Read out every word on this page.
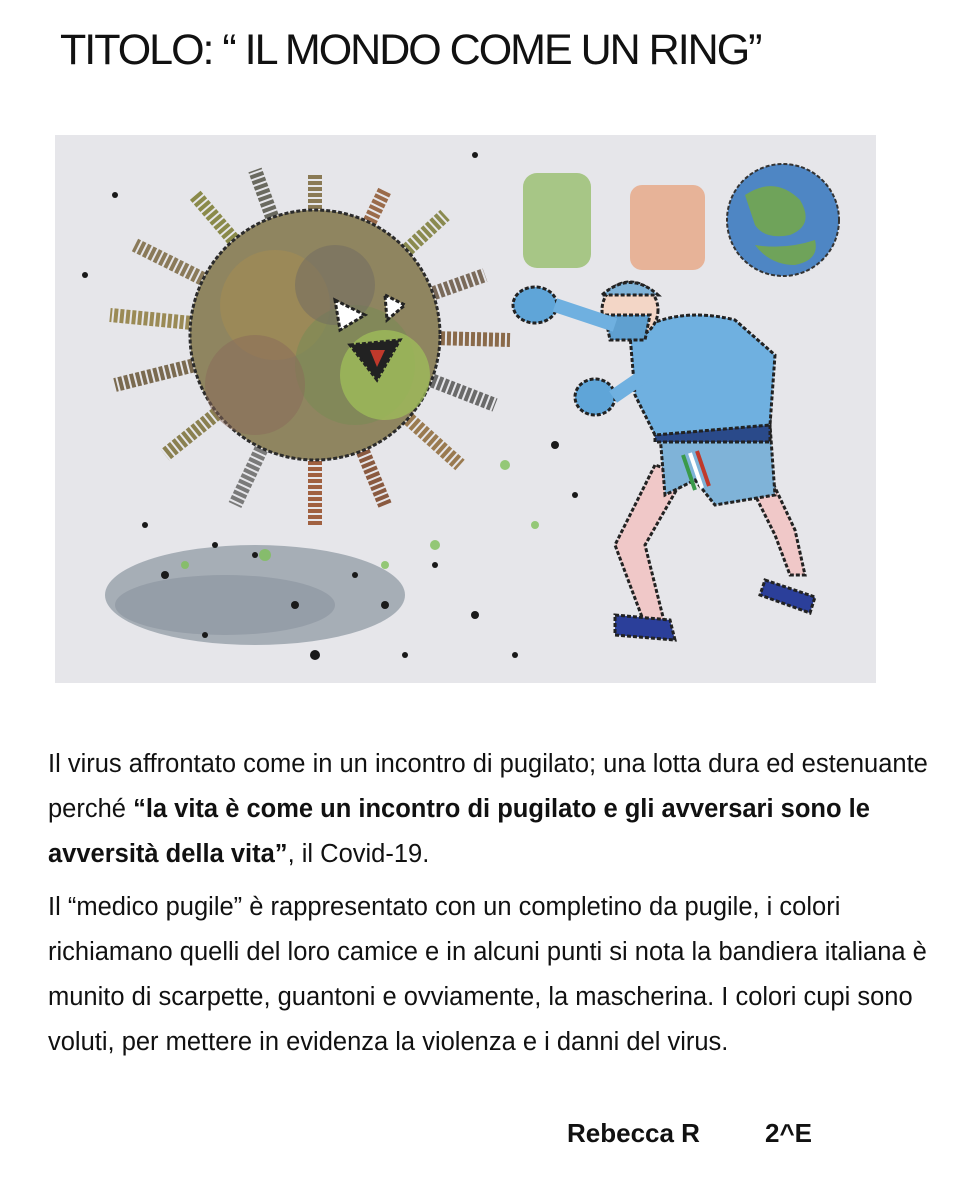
TITOLO: “ IL MONDO COME UN RING”

Il virus affrontato come in un incontro di pugilato; una lotta dura ed estenuante perché “la vita è come un incontro di pugilato e gli avversari sono le avversità della vita”, il Covid-19.

Il “medico pugile” è rappresentato con un completino da pugile, i colori richiamano quelli del loro camice e in alcuni punti si nota la bandiera italiana è munito di scarpette, guantoni e ovviamente, la mascherina. I colori cupi sono voluti, per mettere in evidenza la violenza e i danni del virus.

Rebecca R	2^E
